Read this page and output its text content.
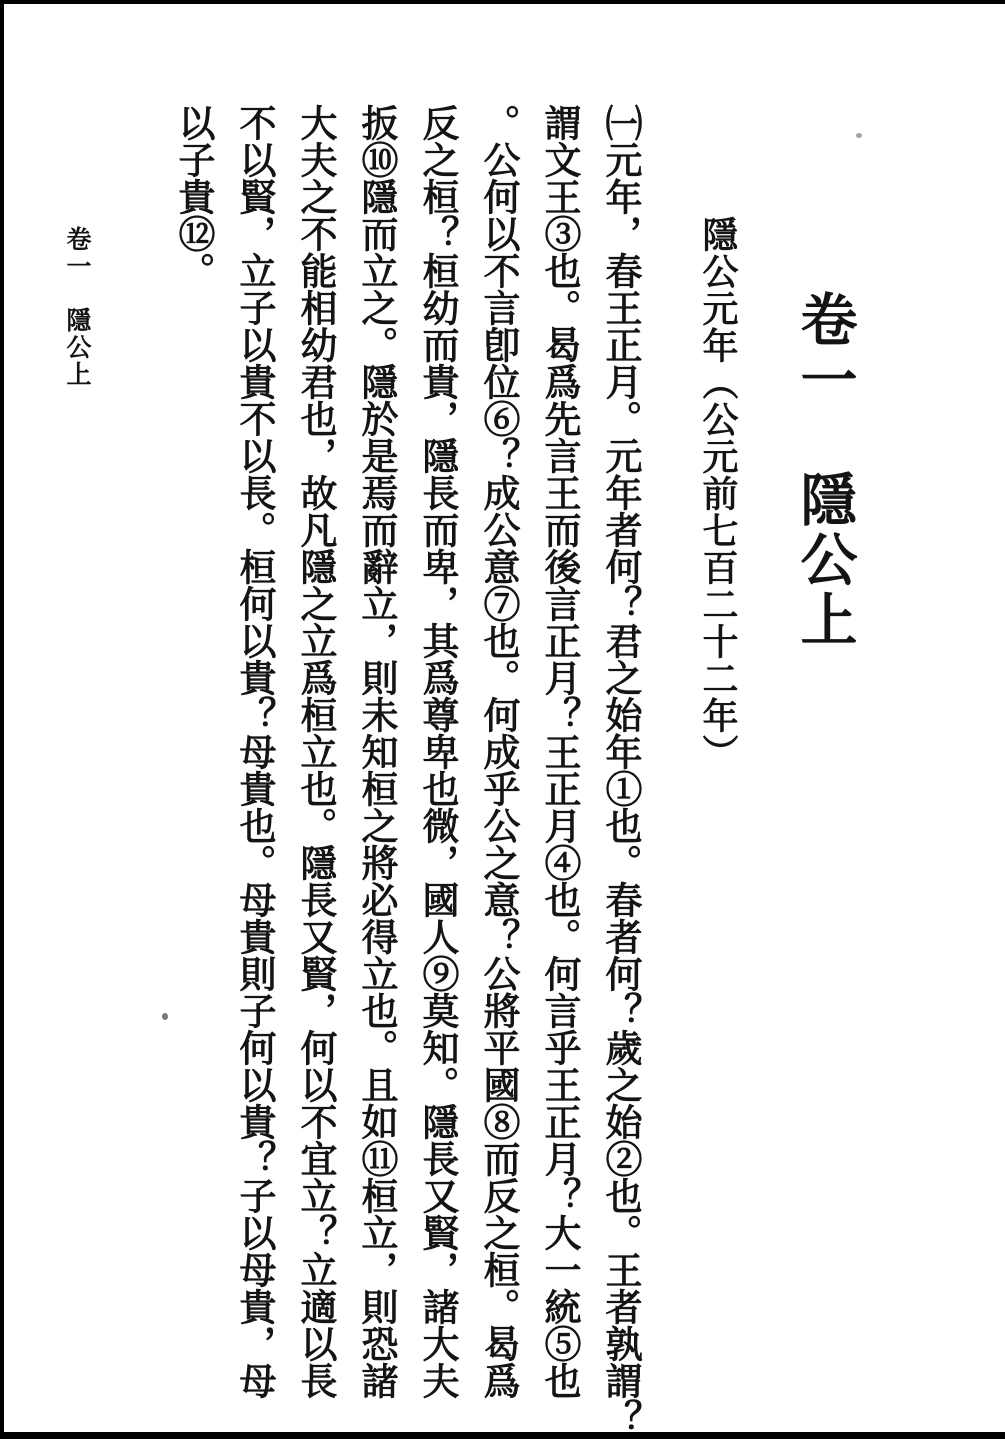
卷一　隱公上
隱公元年（公元前七百二十二年）

㈠元年，春王正月。元年者何？君之始年①也。春者何？歲之始②也。王者孰謂？

謂文王③也。曷爲先言王而後言正月？王正月④也。何言乎王正月？大一統⑤也

。公何以不言卽位⑥？成公意⑦也。何成乎公之意？公將平國⑧而反之桓。曷爲

反之桓？桓幼而貴，隱長而卑，其爲尊卑也微，國人⑨莫知。隱長又賢，諸大夫

扳⑩隱而立之。隱於是焉而辭立，則未知桓之將必得立也。且如⑪桓立，則恐諸

大夫之不能相幼君也，故凡隱之立爲桓立也。隱長又賢，何以不宜立？立適以長

不以賢，立子以貴不以長。桓何以貴？母貴也。母貴則子何以貴？子以母貴，母

以子貴⑫。

卷一　隱公上
